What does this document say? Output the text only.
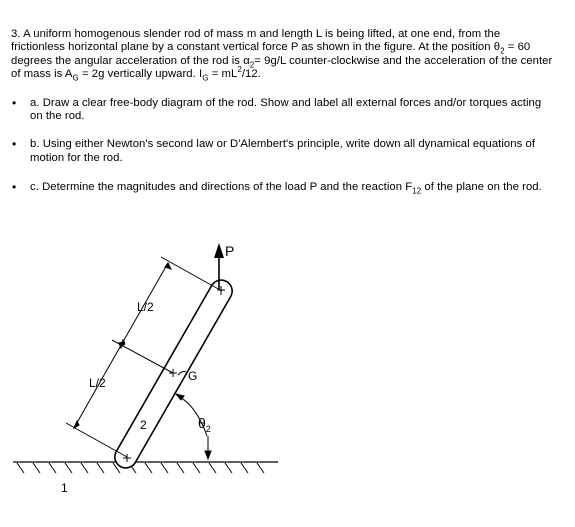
3. A uniform homogenous slender rod of mass m and length L is being lifted, at one end, from the frictionless horizontal plane by a constant vertical force P as shown in the figure. At the position $\theta_2 = 60$ degrees the angular acceleration of the rod is $\alpha_2= 9g/L$ counter-clockwise and the acceleration of the center of mass is $A_G = 2g$ vertically upward. $I_G = mL^2/12$.

• a. Draw a clear free-body diagram of the rod. Show and label all external forces and/or torques acting on the rod.
• b. Using either Newton's second law or D'Alembert's principle, write down all dynamical equations of motion for the rod.
• c. Determine the magnitudes and directions of the load P and the reaction $F_{12}$ of the plane on the rod.
P
L/2
L/2	G
2	$\theta_2$
1
